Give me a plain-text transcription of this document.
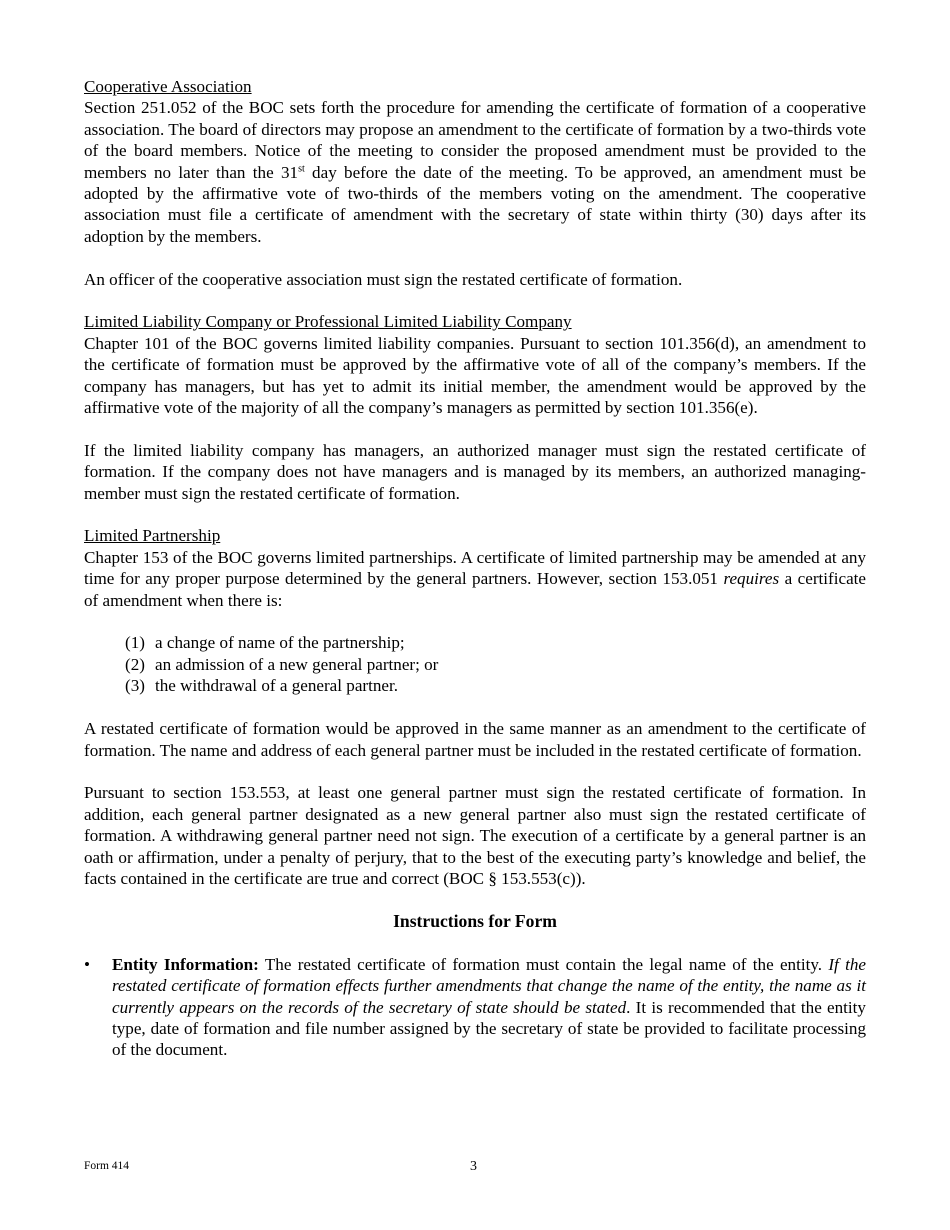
Cooperative Association

Section 251.052 of the BOC sets forth the procedure for amending the certificate of formation of a cooperative association. The board of directors may propose an amendment to the certificate of formation by a two-thirds vote of the board members. Notice of the meeting to consider the proposed amendment must be provided to the members no later than the 31st day before the date of the meeting. To be approved, an amendment must be adopted by the affirmative vote of two-thirds of the members voting on the amendment. The cooperative association must file a certificate of amendment with the secretary of state within thirty (30) days after its adoption by the members.

An officer of the cooperative association must sign the restated certificate of formation.

Limited Liability Company or Professional Limited Liability Company

Chapter 101 of the BOC governs limited liability companies. Pursuant to section 101.356(d), an amendment to the certificate of formation must be approved by the affirmative vote of all of the company’s members. If the company has managers, but has yet to admit its initial member, the amendment would be approved by the affirmative vote of the majority of all the company’s managers as permitted by section 101.356(e).

If the limited liability company has managers, an authorized manager must sign the restated certificate of formation. If the company does not have managers and is managed by its members, an authorized managing-member must sign the restated certificate of formation.

Limited Partnership

Chapter 153 of the BOC governs limited partnerships. A certificate of limited partnership may be amended at any time for any proper purpose determined by the general partners. However, section 153.051 requires a certificate of amendment when there is:

(1) a change of name of the partnership;
(2) an admission of a new general partner; or
(3) the withdrawal of a general partner.

A restated certificate of formation would be approved in the same manner as an amendment to the certificate of formation. The name and address of each general partner must be included in the restated certificate of formation.

Pursuant to section 153.553, at least one general partner must sign the restated certificate of formation. In addition, each general partner designated as a new general partner also must sign the restated certificate of formation. A withdrawing general partner need not sign. The execution of a certificate by a general partner is an oath or affirmation, under a penalty of perjury, that to the best of the executing party’s knowledge and belief, the facts contained in the certificate are true and correct (BOC § 153.553(c)).

Instructions for Form

• Entity Information: The restated certificate of formation must contain the legal name of the entity. If the restated certificate of formation effects further amendments that change the name of the entity, the name as it currently appears on the records of the secretary of state should be stated. It is recommended that the entity type, date of formation and file number assigned by the secretary of state be provided to facilitate processing of the document.
Form 414	3
